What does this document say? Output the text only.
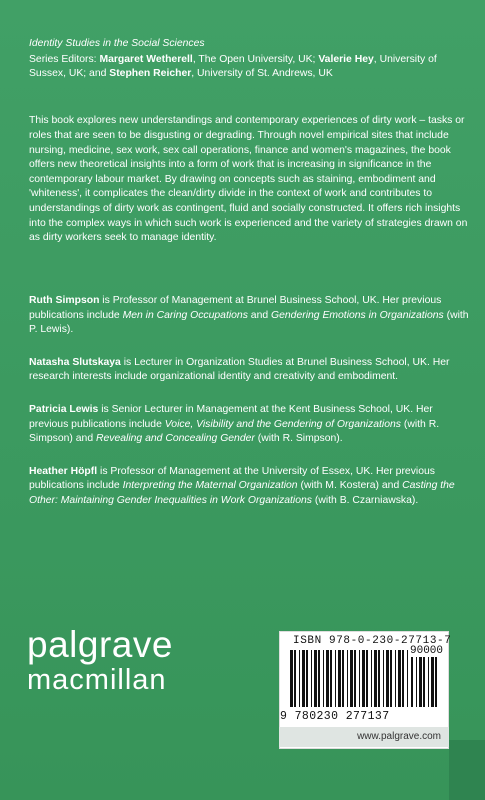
Identity Studies in the Social Sciences

Series Editors: Margaret Wetherell, The Open University, UK; Valerie Hey, University of Sussex, UK; and Stephen Reicher, University of St. Andrews, UK

This book explores new understandings and contemporary experiences of dirty work – tasks or roles that are seen to be disgusting or degrading. Through novel empirical sites that include nursing, medicine, sex work, sex call operations, finance and women's magazines, the book offers new theoretical insights into a form of work that is increasing in significance in the contemporary labour market. By drawing on concepts such as staining, embodiment and 'whiteness', it complicates the clean/dirty divide in the context of work and contributes to understandings of dirty work as contingent, fluid and socially constructed. It offers rich insights into the complex ways in which such work is experienced and the variety of strategies drawn on as dirty workers seek to manage identity.

Ruth Simpson is Professor of Management at Brunel Business School, UK. Her previous publications include Men in Caring Occupations and Gendering Emotions in Organizations (with P. Lewis).

Natasha Slutskaya is Lecturer in Organization Studies at Brunel Business School, UK. Her research interests include organizational identity and creativity and embodiment.

Patricia Lewis is Senior Lecturer in Management at the Kent Business School, UK. Her previous publications include Voice, Visibility and the Gendering of Organizations (with R. Simpson) and Revealing and Concealing Gender (with R. Simpson).

Heather Höpfl is Professor of Management at the University of Essex, UK. Her previous publications include Interpreting the Maternal Organization (with M. Kostera) and Casting the Other: Maintaining Gender Inequalities in Work Organizations (with B. Czarniawska).

palgrave
macmillan
ISBN 978-0-230-27713-7
90000
9 780230 277137
www.palgrave.com
